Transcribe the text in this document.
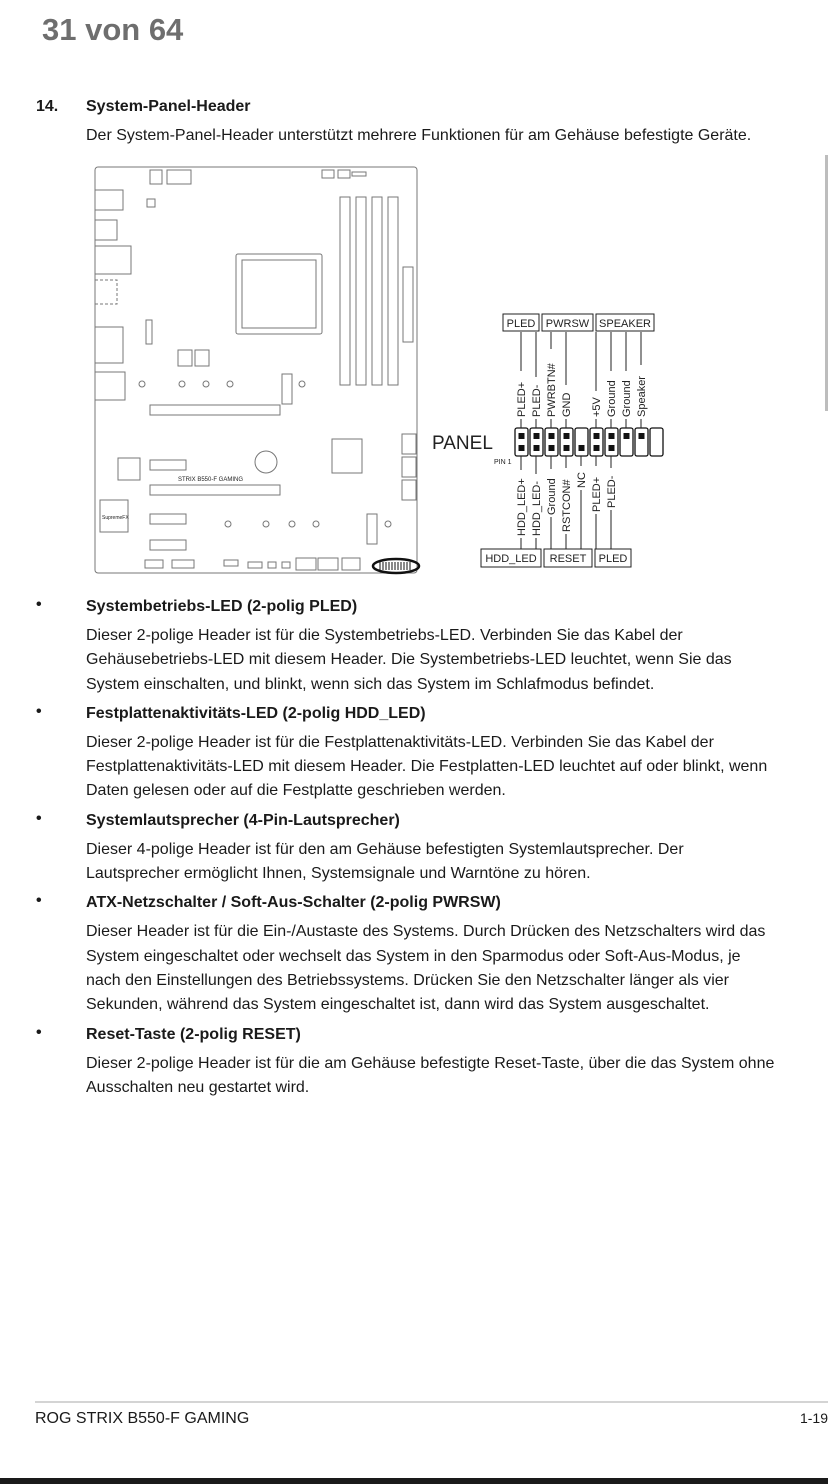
31 von 64
14. System-Panel-Header
Der System-Panel-Header unterstützt mehrere Funktionen für am Gehäuse befestigte Geräte.
STRIX B550-F GAMING
SupremeFX
PANEL
PIN 1
PLED PWRSW SPEAKER
HDD_LED RESET PLED
PLED+ PLED- PWRBTN# GND +5V Ground Ground Speaker
HDD_LED+ HDD_LED- Ground RSTCON# NC PLED+ PLED-
•	Systembetriebs-LED (2-polig PLED)

Dieser 2-polige Header ist für die Systembetriebs-LED. Verbinden Sie das Kabel der Gehäusebetriebs-LED mit diesem Header. Die Systembetriebs-LED leuchtet, wenn Sie das System einschalten, und blinkt, wenn sich das System im Schlafmodus befindet.

•	Festplattenaktivitäts-LED (2-polig HDD_LED)

Dieser 2-polige Header ist für die Festplattenaktivitäts-LED. Verbinden Sie das Kabel der Festplattenaktivitäts-LED mit diesem Header. Die Festplatten-LED leuchtet auf oder blinkt, wenn Daten gelesen oder auf die Festplatte geschrieben werden.

•	Systemlautsprecher (4-Pin-Lautsprecher)

Dieser 4-polige Header ist für den am Gehäuse befestigten Systemlautsprecher. Der Lautsprecher ermöglicht Ihnen, Systemsignale und Warntöne zu hören.

•	ATX-Netzschalter / Soft-Aus-Schalter (2-polig PWRSW)

Dieser Header ist für die Ein-/Austaste des Systems. Durch Drücken des Netzschalters wird das System eingeschaltet oder wechselt das System in den Sparmodus oder Soft-Aus-Modus, je nach den Einstellungen des Betriebssystems. Drücken Sie den Netzschalter länger als vier Sekunden, während das System eingeschaltet ist, dann wird das System ausgeschaltet.

•	Reset-Taste (2-polig RESET)

Dieser 2-polige Header ist für die am Gehäuse befestigte Reset-Taste, über die das System ohne Ausschalten neu gestartet wird.

ROG STRIX B550-F GAMING	1-19
